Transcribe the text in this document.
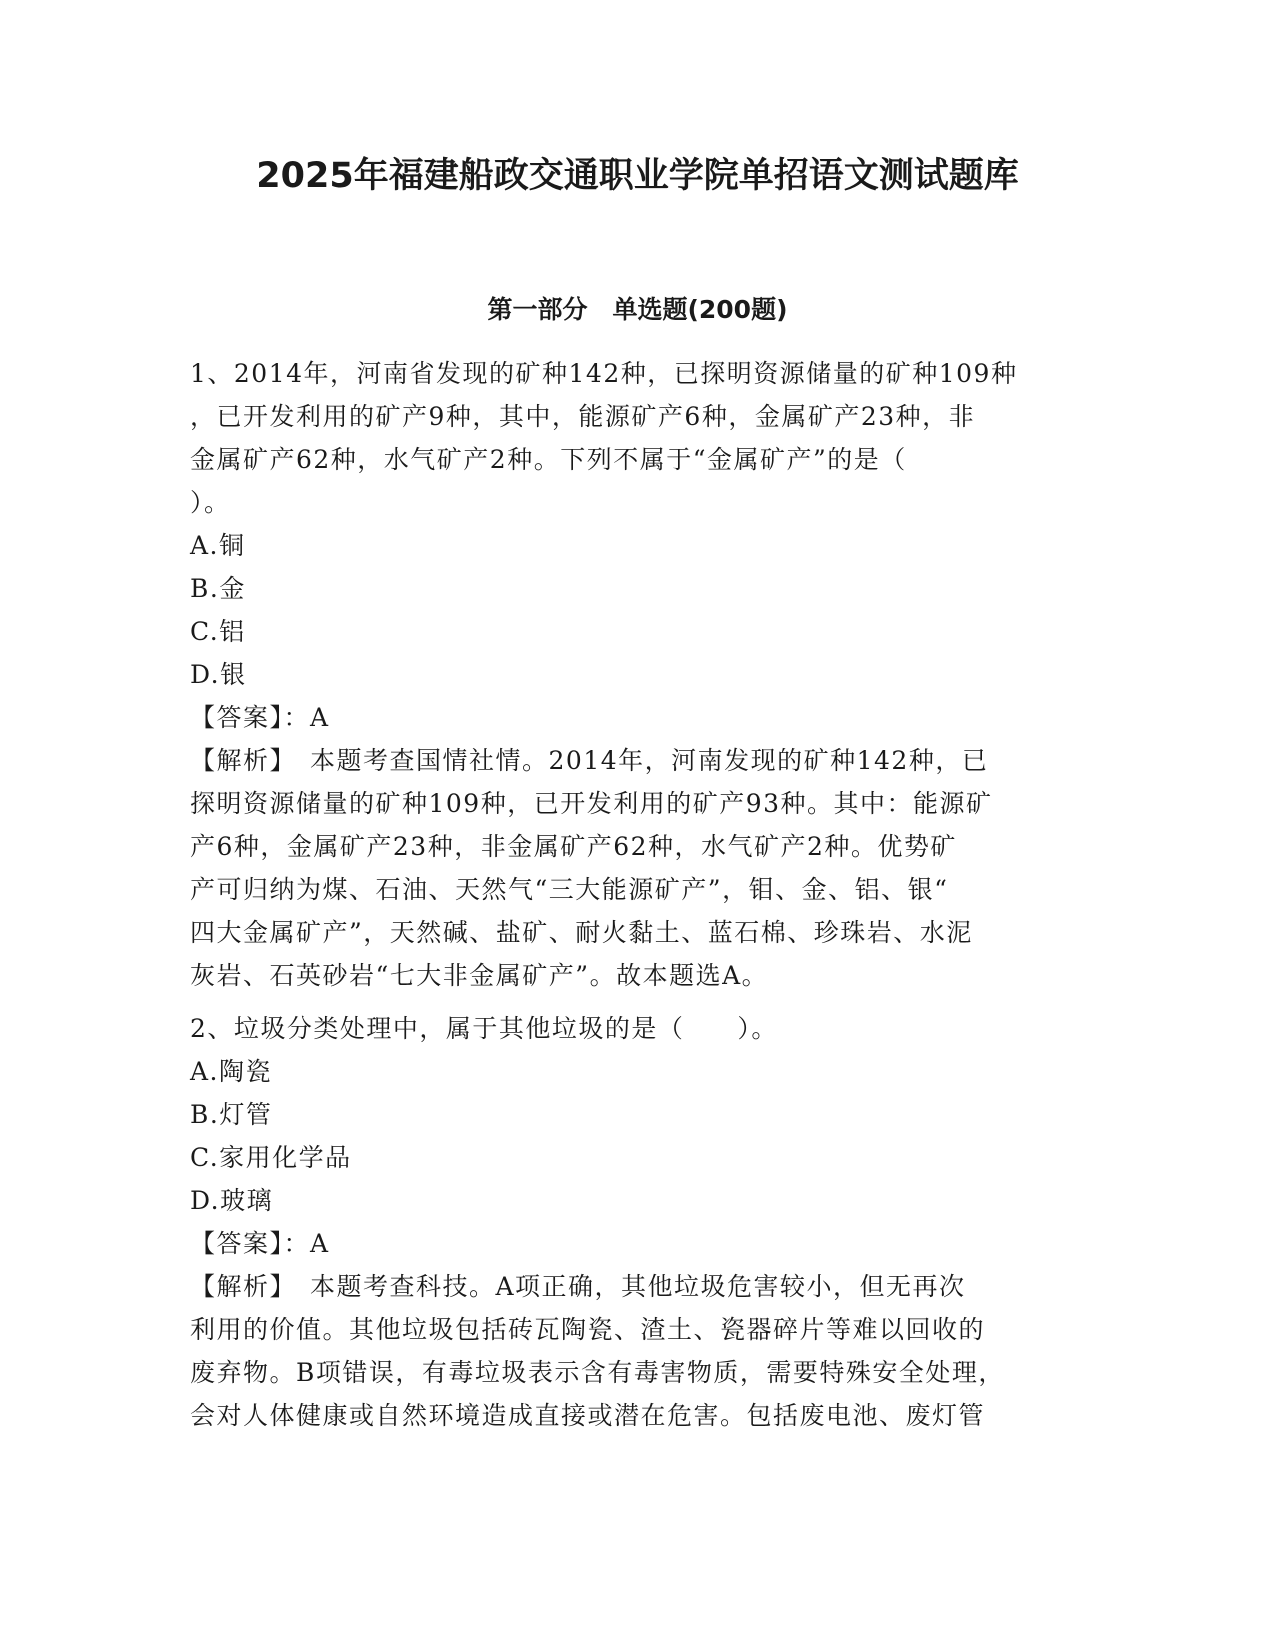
2025年福建船政交通职业学院单招语文测试题库
第一部分　单选题(200题)
1、2014年，河南省发现的矿种142种，已探明资源储量的矿种109种
，已开发利用的矿产9种，其中，能源矿产6种，金属矿产23种，非
金属矿产62种，水气矿产2种。下列不属于“金属矿产”的是（
）。
A.铜
B.金
C.铝
D.银
【答案】：A
【解析】　本题考查国情社情。2014年，河南发现的矿种142种，已
探明资源储量的矿种109种，已开发利用的矿产93种。其中：能源矿
产6种，金属矿产23种，非金属矿产62种，水气矿产2种。优势矿
产可归纳为煤、石油、天然气“三大能源矿产”，钼、金、铝、银“
四大金属矿产”，天然碱、盐矿、耐火黏土、蓝石棉、珍珠岩、水泥
灰岩、石英砂岩“七大非金属矿产”。故本题选A。
2、垃圾分类处理中，属于其他垃圾的是（　　）。
A.陶瓷
B.灯管
C.家用化学品
D.玻璃
【答案】：A
【解析】　本题考查科技。A项正确，其他垃圾危害较小，但无再次
利用的价值。其他垃圾包括砖瓦陶瓷、渣土、瓷器碎片等难以回收的
废弃物。B项错误，有毒垃圾表示含有毒害物质，需要特殊安全处理，
会对人体健康或自然环境造成直接或潜在危害。包括废电池、废灯管
